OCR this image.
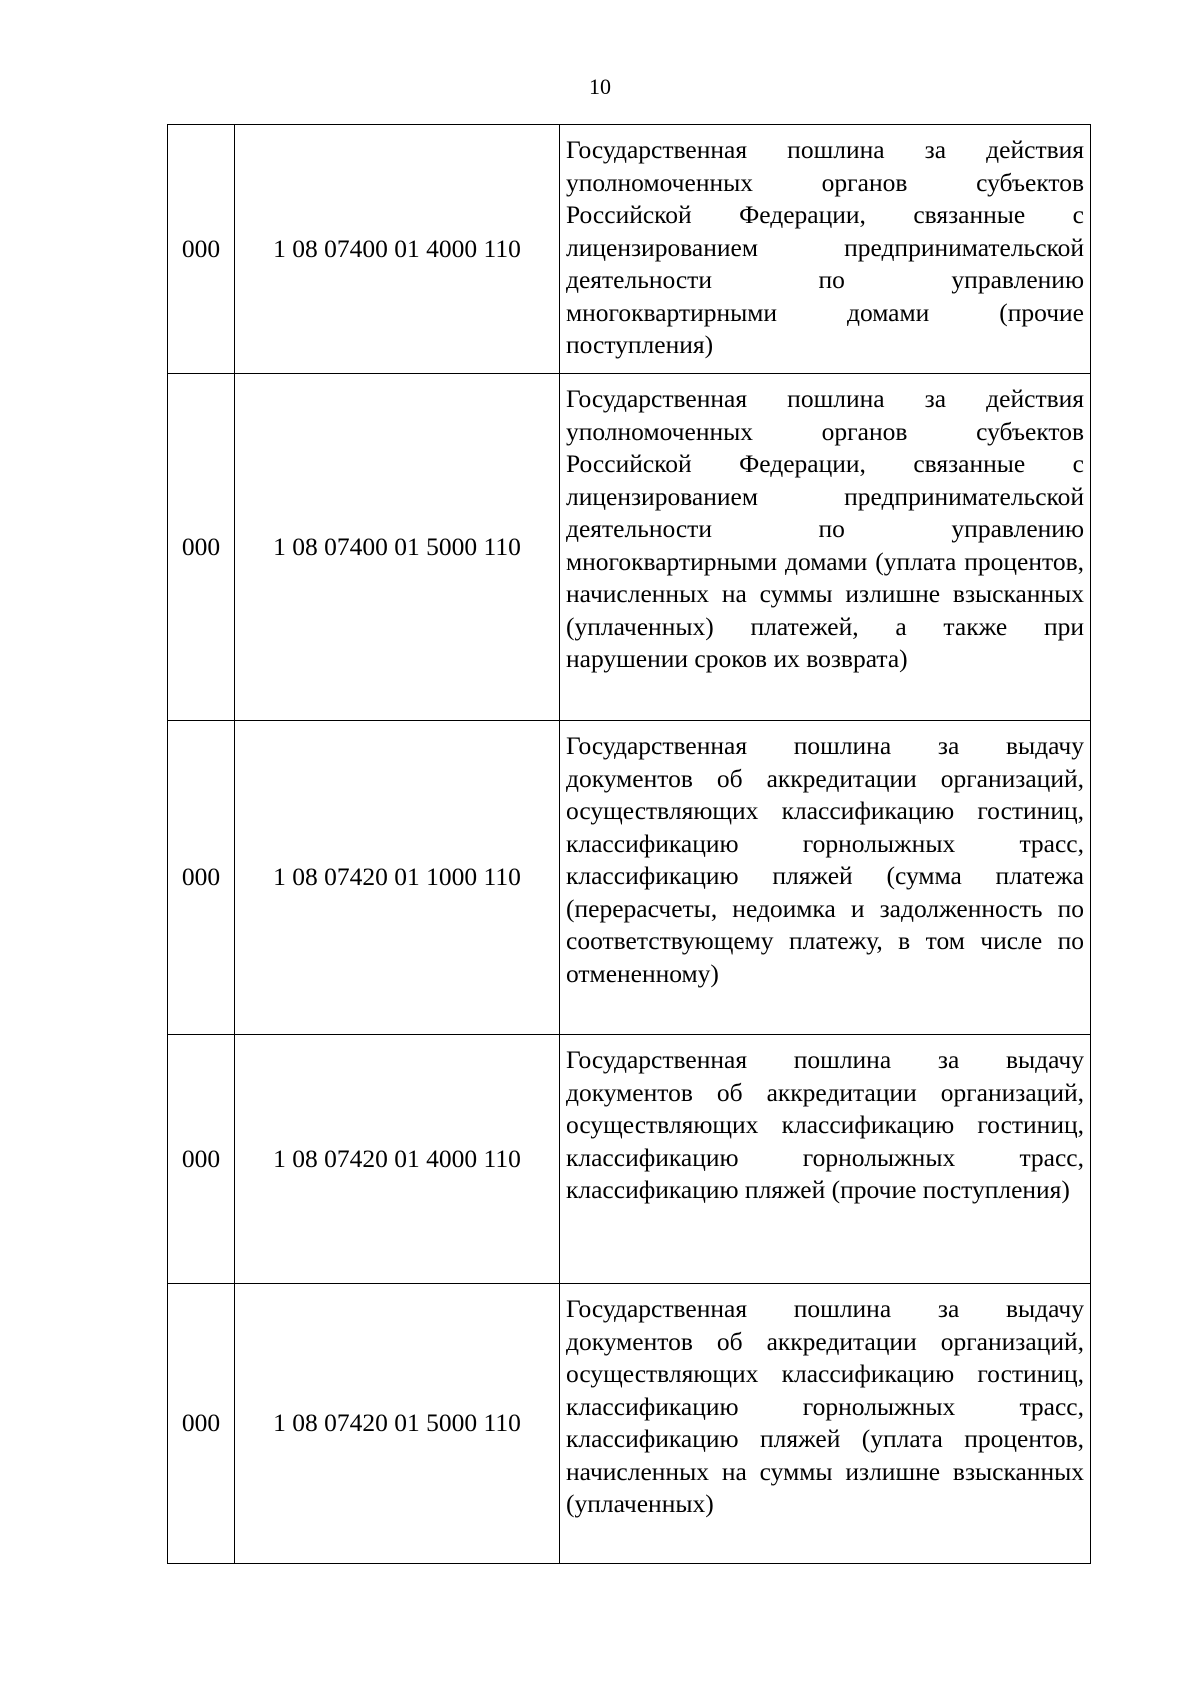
10
000	1 08 07400 01 4000 110	Государственная пошлина за действия уполномоченных органов субъектов Российской Федерации, связанные с лицензированием предпринимательской деятельности по управлению многоквартирными домами (прочие поступления)
000	1 08 07400 01 5000 110	Государственная пошлина за действия уполномоченных органов субъектов Российской Федерации, связанные с лицензированием предпринимательской деятельности по управлению многоквартирными домами (уплата процентов, начисленных на суммы излишне взысканных (уплаченных) платежей, а также при нарушении сроков их возврата)
000	1 08 07420 01 1000 110	Государственная пошлина за выдачу документов об аккредитации организаций, осуществляющих классификацию гостиниц, классификацию горнолыжных трасс, классификацию пляжей (сумма платежа (перерасчеты, недоимка и задолженность по соответствующему платежу, в том числе по отмененному)
000	1 08 07420 01 4000 110	Государственная пошлина за выдачу документов об аккредитации организаций, осуществляющих классификацию гостиниц, классификацию горнолыжных трасс, классификацию пляжей (прочие поступления)
000	1 08 07420 01 5000 110	Государственная пошлина за выдачу документов об аккредитации организаций, осуществляющих классификацию гостиниц, классификацию горнолыжных трасс, классификацию пляжей (уплата процентов, начисленных на суммы излишне взысканных (уплаченных)
